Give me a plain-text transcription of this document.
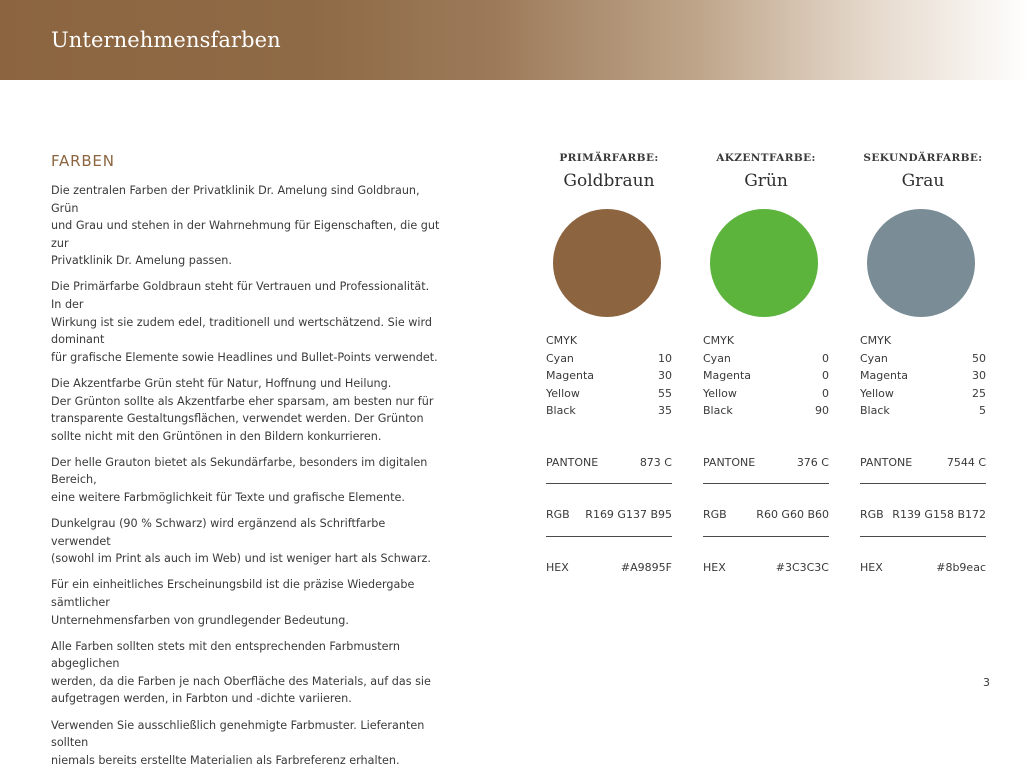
Unternehmensfarben
FARBEN

Die zentralen Farben der Privatklinik Dr. Amelung sind Goldbraun, Grün
und Grau und stehen in der Wahrnehmung für Eigenschaften, die gut zur
Privatklinik Dr. Amelung passen.

Die Primärfarbe Goldbraun steht für Vertrauen und Professionalität. In der
Wirkung ist sie zudem edel, traditionell und wertschätzend. Sie wird dominant
für grafische Elemente sowie Headlines und Bullet-Points verwendet.

Die Akzentfarbe Grün steht für Natur, Hoffnung und Heilung.
Der Grünton sollte als Akzentfarbe eher sparsam, am besten nur für
transparente Gestaltungsflächen, verwendet werden. Der Grünton
sollte nicht mit den Grüntönen in den Bildern konkurrieren.

Der helle Grauton bietet als Sekundärfarbe, besonders im digitalen Bereich,
eine weitere Farbmöglichkeit für Texte und grafische Elemente.

Dunkelgrau (90 % Schwarz) wird ergänzend als Schriftfarbe verwendet
(sowohl im Print als auch im Web) und ist weniger hart als Schwarz.

Für ein einheitliches Erscheinungsbild ist die präzise Wiedergabe sämtlicher
Unternehmensfarben von grundlegender Bedeutung.

Alle Farben sollten stets mit den entsprechenden Farbmustern abgeglichen
werden, da die Farben je nach Oberfläche des Materials, auf das sie
aufgetragen werden, in Farbton und -dichte variieren.

Verwenden Sie ausschließlich genehmigte Farbmuster. Lieferanten sollten
niemals bereits erstellte Materialien als Farbreferenz erhalten.

PRIMÄRFARBE:
Goldbraun
CMYK
Cyan	10
Magenta	30
Yellow	55
Black	35
PANTONE	873 C
RGB R169 G137 B95
HEX	#A9895F
AKZENTFARBE:
Grün
CMYK
Cyan	0
Magenta	0
Yellow	0
Black	90
PANTONE	376 C
RGB	R60 G60 B60
HEX	#3C3C3C
SEKUNDÄRFARBE:
Grau
CMYK
Cyan	50
Magenta	30
Yellow	25
Black	5
PANTONE	7544 C
RGB R139 G158 B172
HEX	#8b9eac
3
